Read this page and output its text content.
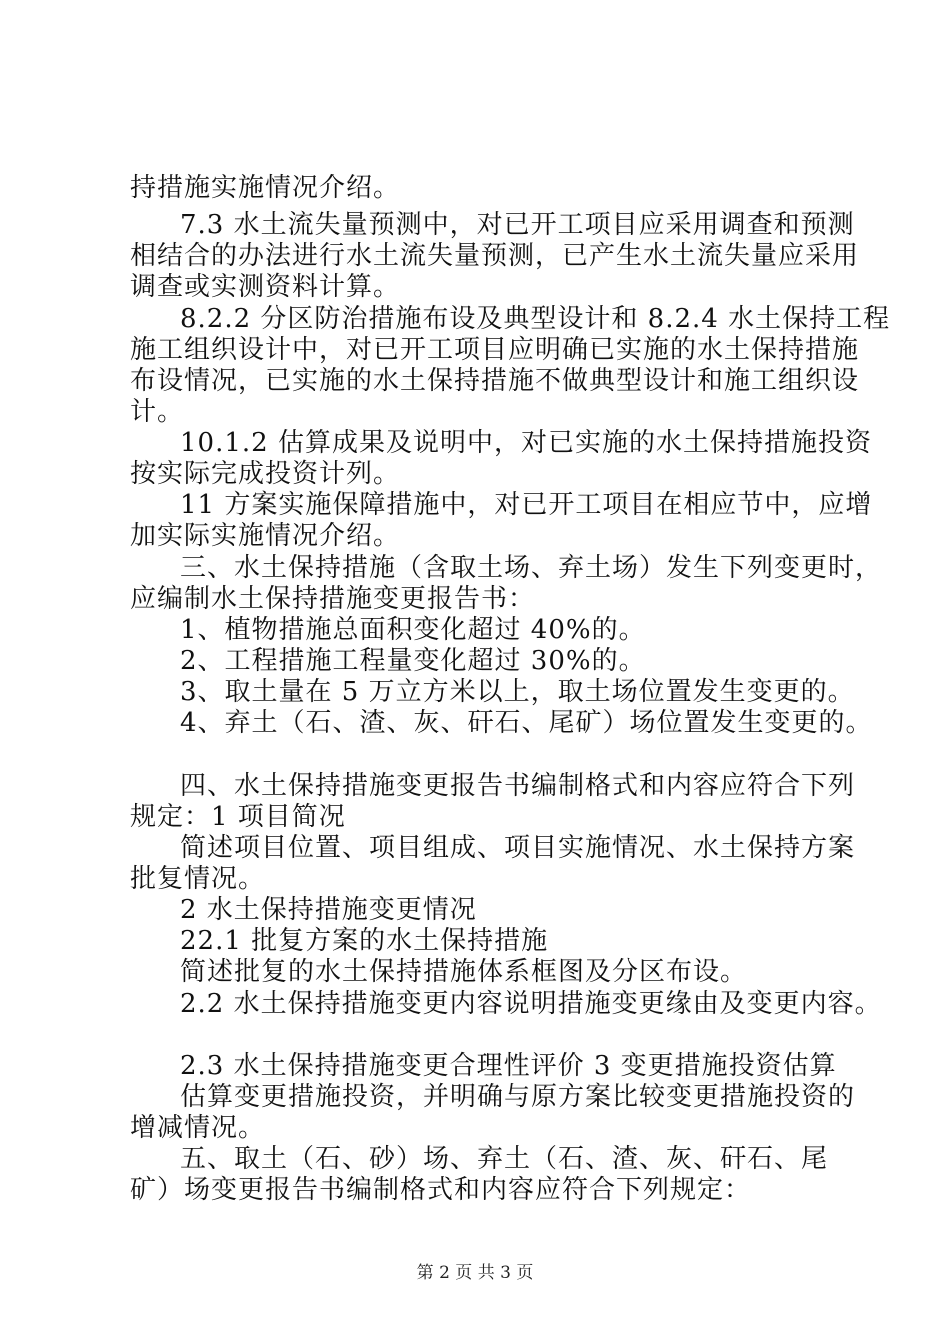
持措施实施情况介绍。
7.3 水土流失量预测中，对已开工项目应采用调查和预测
相结合的办法进行水土流失量预测，已产生水土流失量应采用
调查或实测资料计算。
8.2.2 分区防治措施布设及典型设计和 8.2.4 水土保持工程
施工组织设计中，对已开工项目应明确已实施的水土保持措施
布设情况，已实施的水土保持措施不做典型设计和施工组织设
计。
10.1.2 估算成果及说明中，对已实施的水土保持措施投资
按实际完成投资计列。
11 方案实施保障措施中，对已开工项目在相应节中，应增
加实际实施情况介绍。
三、水土保持措施（含取土场、弃土场）发生下列变更时，
应编制水土保持措施变更报告书：
1、植物措施总面积变化超过 40%的。
2、工程措施工程量变化超过 30%的。
3、取土量在 5 万立方米以上，取土场位置发生变更的。
4、弃土（石、渣、灰、矸石、尾矿）场位置发生变更的。
四、水土保持措施变更报告书编制格式和内容应符合下列
规定：1 项目简况
简述项目位置、项目组成、项目实施情况、水土保持方案
批复情况。
2 水土保持措施变更情况
22.1 批复方案的水土保持措施
简述批复的水土保持措施体系框图及分区布设。
2.2 水土保持措施变更内容说明措施变更缘由及变更内容。
2.3 水土保持措施变更合理性评价 3 变更措施投资估算
估算变更措施投资，并明确与原方案比较变更措施投资的
增减情况。
五、取土（石、砂）场、弃土（石、渣、灰、矸石、尾
矿）场变更报告书编制格式和内容应符合下列规定：
第 2 页 共 3 页
